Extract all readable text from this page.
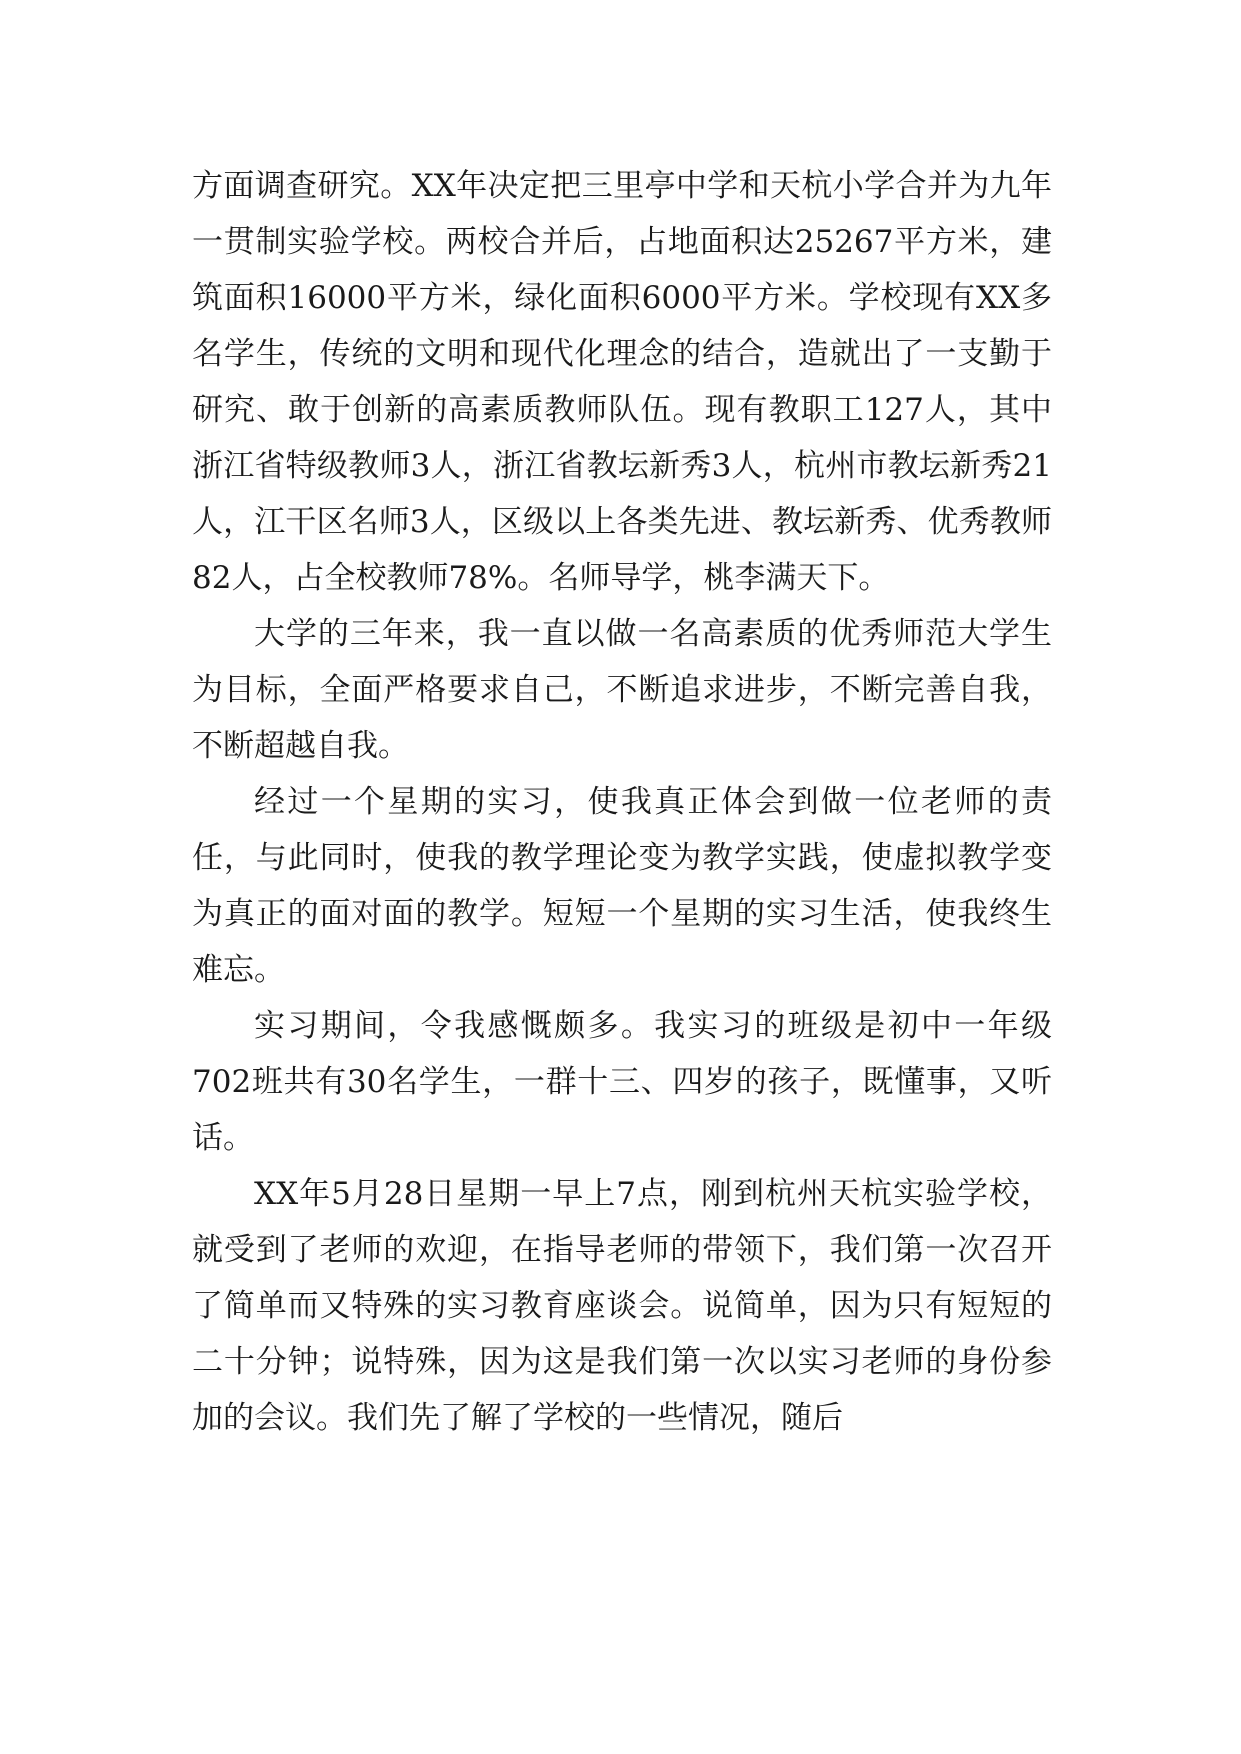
方面调查研究。XX年决定把三里亭中学和天杭小学合并为九年一贯制实验学校。两校合并后，占地面积达25267平方米，建筑面积16000平方米，绿化面积6000平方米。学校现有XX多名学生，传统的文明和现代化理念的结合，造就出了一支勤于研究、敢于创新的高素质教师队伍。现有教职工127人，其中浙江省特级教师3人，浙江省教坛新秀3人，杭州市教坛新秀21人，江干区名师3人，区级以上各类先进、教坛新秀、优秀教师82人，占全校教师78%。名师导学，桃李满天下。

大学的三年来，我一直以做一名高素质的优秀师范大学生为目标，全面严格要求自己，不断追求进步，不断完善自我，不断超越自我。

经过一个星期的实习，使我真正体会到做一位老师的责任，与此同时，使我的教学理论变为教学实践，使虚拟教学变为真正的面对面的教学。短短一个星期的实习生活，使我终生难忘。

实习期间，令我感慨颇多。我实习的班级是初中一年级702班共有30名学生，一群十三、四岁的孩子，既懂事，又听话。

XX年5月28日星期一早上7点，刚到杭州天杭实验学校，就受到了老师的欢迎，在指导老师的带领下，我们第一次召开了简单而又特殊的实习教育座谈会。说简单，因为只有短短的二十分钟；说特殊，因为这是我们第一次以实习老师的身份参加的会议。我们先了解了学校的一些情况，随后
